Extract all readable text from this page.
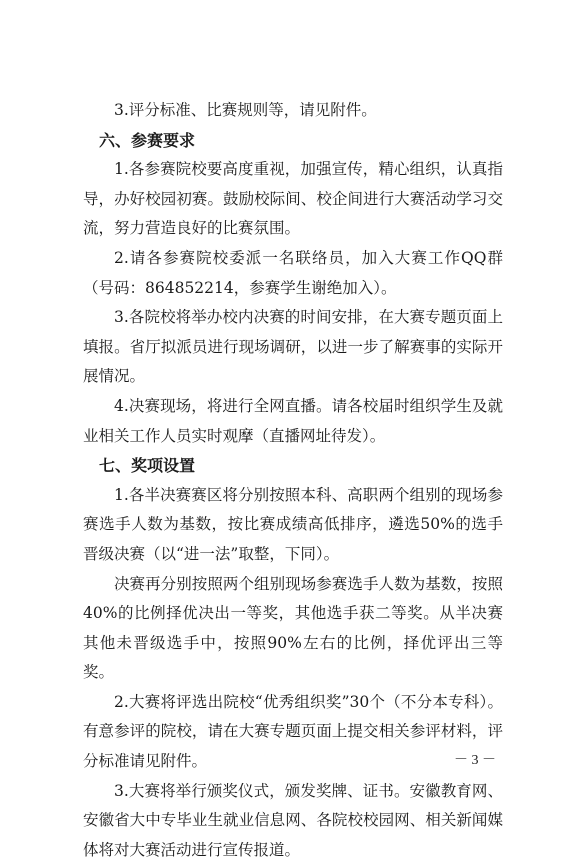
3.评分标准、比赛规则等，请见附件。

六、参赛要求

1.各参赛院校要高度重视，加强宣传，精心组织，认真指导，办好校园初赛。鼓励校际间、校企间进行大赛活动学习交流，努力营造良好的比赛氛围。

2.请各参赛院校委派一名联络员，加入大赛工作QQ群（号码：864852214，参赛学生谢绝加入）。

3.各院校将举办校内决赛的时间安排，在大赛专题页面上填报。省厅拟派员进行现场调研，以进一步了解赛事的实际开展情况。

4.决赛现场，将进行全网直播。请各校届时组织学生及就业相关工作人员实时观摩（直播网址待发）。

七、奖项设置

1.各半决赛赛区将分别按照本科、高职两个组别的现场参赛选手人数为基数，按比赛成绩高低排序，遴选50%的选手晋级决赛（以“进一法”取整，下同）。

决赛再分别按照两个组别现场参赛选手人数为基数，按照40%的比例择优决出一等奖，其他选手获二等奖。从半决赛其他未晋级选手中，按照90%左右的比例，择优评出三等奖。

2.大赛将评选出院校“优秀组织奖”30个（不分本专科）。有意参评的院校，请在大赛专题页面上提交相关参评材料，评分标准请见附件。

3.大赛将举行颁奖仪式，颁发奖牌、证书。安徽教育网、安徽省大中专毕业生就业信息网、各院校校园网、相关新闻媒体将对大赛活动进行宣传报道。

－ 3 －
